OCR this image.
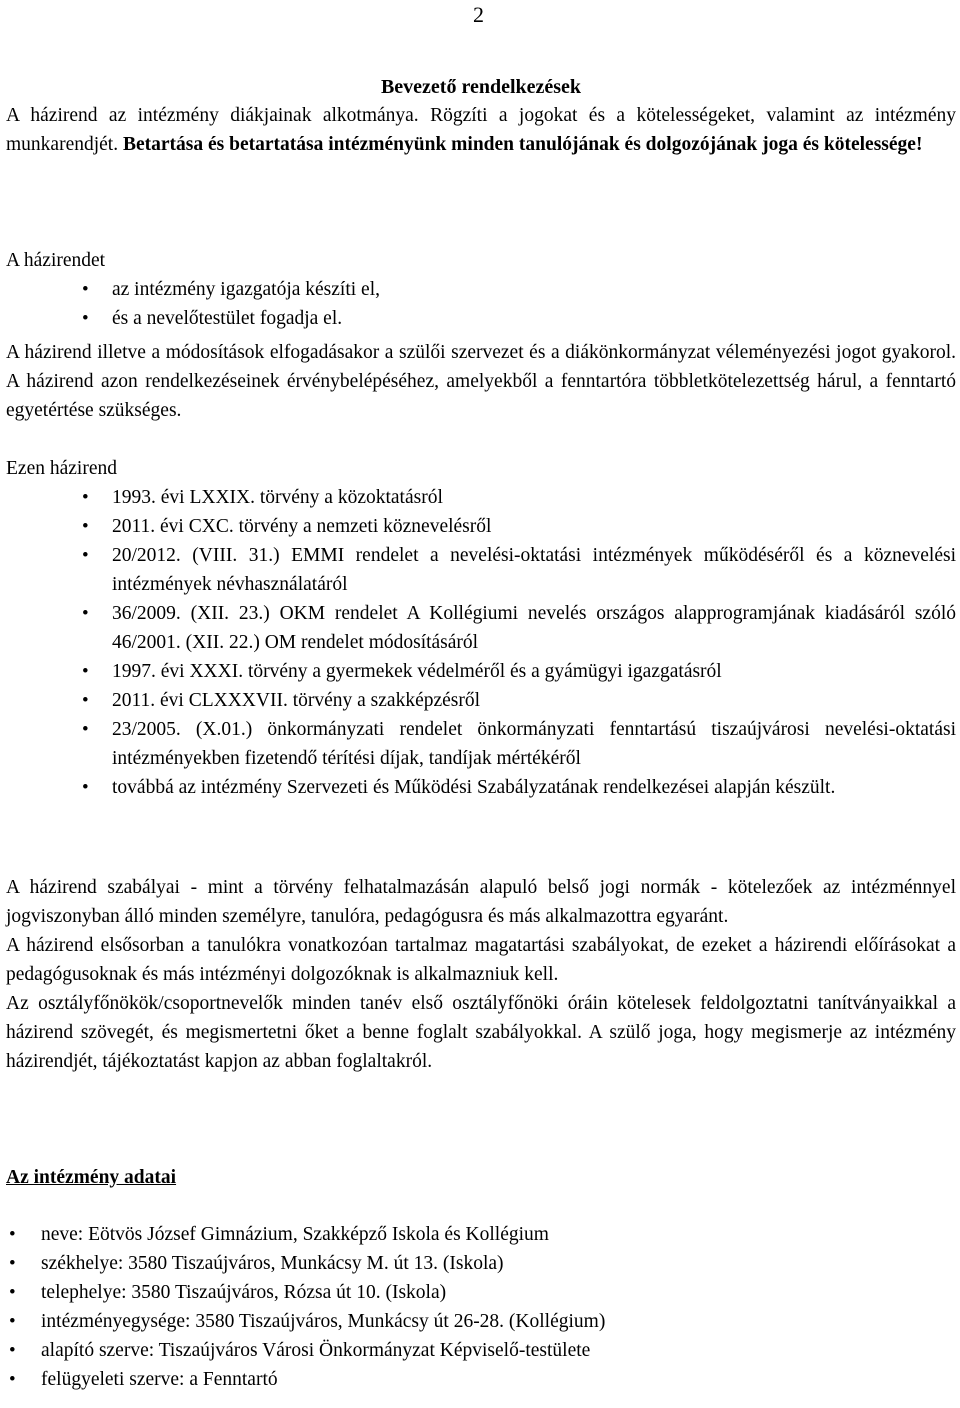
2
Bevezető rendelkezések

A házirend az intézmény diákjainak alkotmánya. Rögzíti a jogokat és a kötelességeket, valamint az intézmény munkarendjét. Betartása és betartatása intézményünk minden tanulójának és dolgozójának joga és kötelessége!

A házirendet

• az intézmény igazgatója készíti el,
• és a nevelőtestület fogadja el.

A házirend illetve a módosítások elfogadásakor a szülői szervezet és a diákönkormányzat véleményezési jogot gyakorol. A házirend azon rendelkezéseinek érvénybelépéséhez, amelyekből a fenntartóra többletkötelezettség hárul, a fenntartó egyetértése szükséges.

Ezen házirend

• 1993. évi LXXIX. törvény a közoktatásról
• 2011. évi CXC. törvény a nemzeti köznevelésről
• 20/2012. (VIII. 31.) EMMI rendelet a nevelési-oktatási intézmények működéséről és a köznevelési intézmények névhasználatáról
• 36/2009. (XII. 23.) OKM rendelet A Kollégiumi nevelés országos alapprogramjának kiadásáról szóló 46/2001. (XII. 22.) OM rendelet módosításáról
• 1997. évi XXXI. törvény a gyermekek védelméről és a gyámügyi igazgatásról
• 2011. évi CLXXXVII. törvény a szakképzésről
• 23/2005. (X.01.) önkormányzati rendelet önkormányzati fenntartású tiszaújvárosi nevelési-oktatási intézményekben fizetendő térítési díjak, tandíjak mértékéről
• továbbá az intézmény Szervezeti és Működési Szabályzatának rendelkezései alapján készült.

A házirend szabályai - mint a törvény felhatalmazásán alapuló belső jogi normák - kötelezőek az intézménnyel jogviszonyban álló minden személyre, tanulóra, pedagógusra és más alkalmazottra egyaránt.

A házirend elsősorban a tanulókra vonatkozóan tartalmaz magatartási szabályokat, de ezeket a házirendi előírásokat a pedagógusoknak és más intézményi dolgozóknak is alkalmazniuk kell.

Az osztályfőnökök/csoportnevelők minden tanév első osztályfőnöki óráin kötelesek feldolgoztatni tanítványaikkal a házirend szövegét, és megismertetni őket a benne foglalt szabályokkal. A szülő joga, hogy megismerje az intézmény házirendjét, tájékoztatást kapjon az abban foglaltakról.

Az intézmény adatai

• neve: Eötvös József Gimnázium, Szakképző Iskola és Kollégium
• székhelye: 3580 Tiszaújváros, Munkácsy M. út 13. (Iskola)
• telephelye: 3580 Tiszaújváros, Rózsa út 10. (Iskola)
• intézményegysége: 3580 Tiszaújváros, Munkácsy út 26-28. (Kollégium)
• alapító szerve: Tiszaújváros Városi Önkormányzat Képviselő-testülete
• felügyeleti szerve: a Fenntartó
